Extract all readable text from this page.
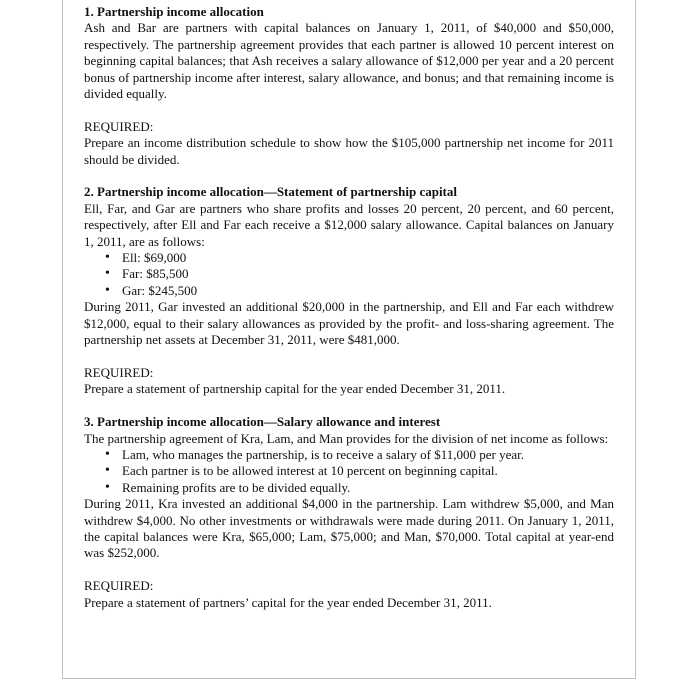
1. Partnership income allocation

Ash and Bar are partners with capital balances on January 1, 2011, of $40,000 and $50,000, respectively. The partnership agreement provides that each partner is allowed 10 percent interest on beginning capital balances; that Ash receives a salary allowance of $12,000 per year and a 20 percent bonus of partnership income after interest, salary allowance, and bonus; and that remaining income is divided equally.

REQUIRED:

Prepare an income distribution schedule to show how the $105,000 partnership net income for 2011 should be divided.

2. Partnership income allocation—Statement of partnership capital

Ell, Far, and Gar are partners who share profits and losses 20 percent, 20 percent, and 60 percent, respectively, after Ell and Far each receive a $12,000 salary allowance. Capital balances on January 1, 2011, are as follows:

• Ell: $69,000
• Far: $85,500
• Gar: $245,500

During 2011, Gar invested an additional $20,000 in the partnership, and Ell and Far each withdrew $12,000, equal to their salary allowances as provided by the profit- and loss-sharing agreement. The partnership net assets at December 31, 2011, were $481,000.

REQUIRED:

Prepare a statement of partnership capital for the year ended December 31, 2011.

3. Partnership income allocation—Salary allowance and interest

The partnership agreement of Kra, Lam, and Man provides for the division of net income as follows:

• Lam, who manages the partnership, is to receive a salary of $11,000 per year.
• Each partner is to be allowed interest at 10 percent on beginning capital.
• Remaining profits are to be divided equally.

During 2011, Kra invested an additional $4,000 in the partnership. Lam withdrew $5,000, and Man withdrew $4,000. No other investments or withdrawals were made during 2011. On January 1, 2011, the capital balances were Kra, $65,000; Lam, $75,000; and Man, $70,000. Total capital at year-end was $252,000.

REQUIRED:

Prepare a statement of partners’ capital for the year ended December 31, 2011.
